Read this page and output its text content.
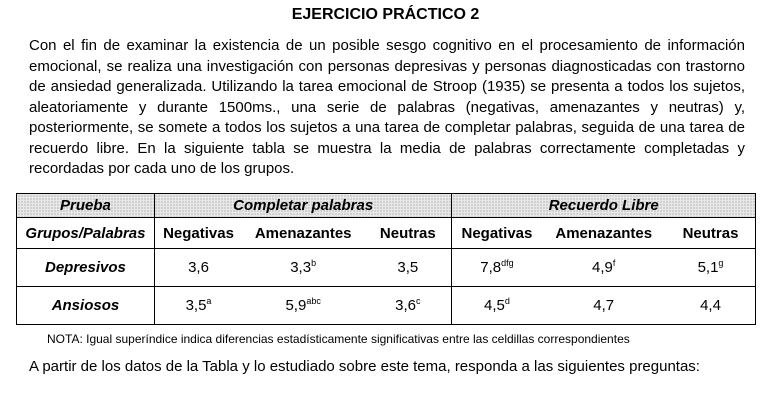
EJERCICIO PRÁCTICO 2

Con el fin de examinar la existencia de un posible sesgo cognitivo en el procesamiento de información emocional, se realiza una investigación con personas depresivas y personas diagnosticadas con trastorno de ansiedad generalizada. Utilizando la tarea emocional de Stroop (1935) se presenta a todos los sujetos, aleatoriamente y durante 1500ms., una serie de palabras (negativas, amenazantes y neutras) y, posteriormente, se somete a todos los sujetos a una tarea de completar palabras, seguida de una tarea de recuerdo libre. En la siguiente tabla se muestra la media de palabras correctamente completadas y recordadas por cada uno de los grupos.

Prueba	Completar palabras	Recuerdo Libre
Grupos/Palabras	Negativas Amenazantes Neutras	Negativas Amenazantes Neutras

Depresivos	3,6 3,3$^b$ 3,5	7,8$^{dfg}$ 4,9$^f$ 5,1$^g$

Ansiosos	3,5$^a$ 5,9$^{abc}$ 3,6$^c$	4,5$^d$ 4,7 4,4
NOTA: Igual superíndice indica diferencias estadísticamente significativas entre las celdillas correspondientes
A partir de los datos de la Tabla y lo estudiado sobre este tema, responda a las siguientes preguntas:
